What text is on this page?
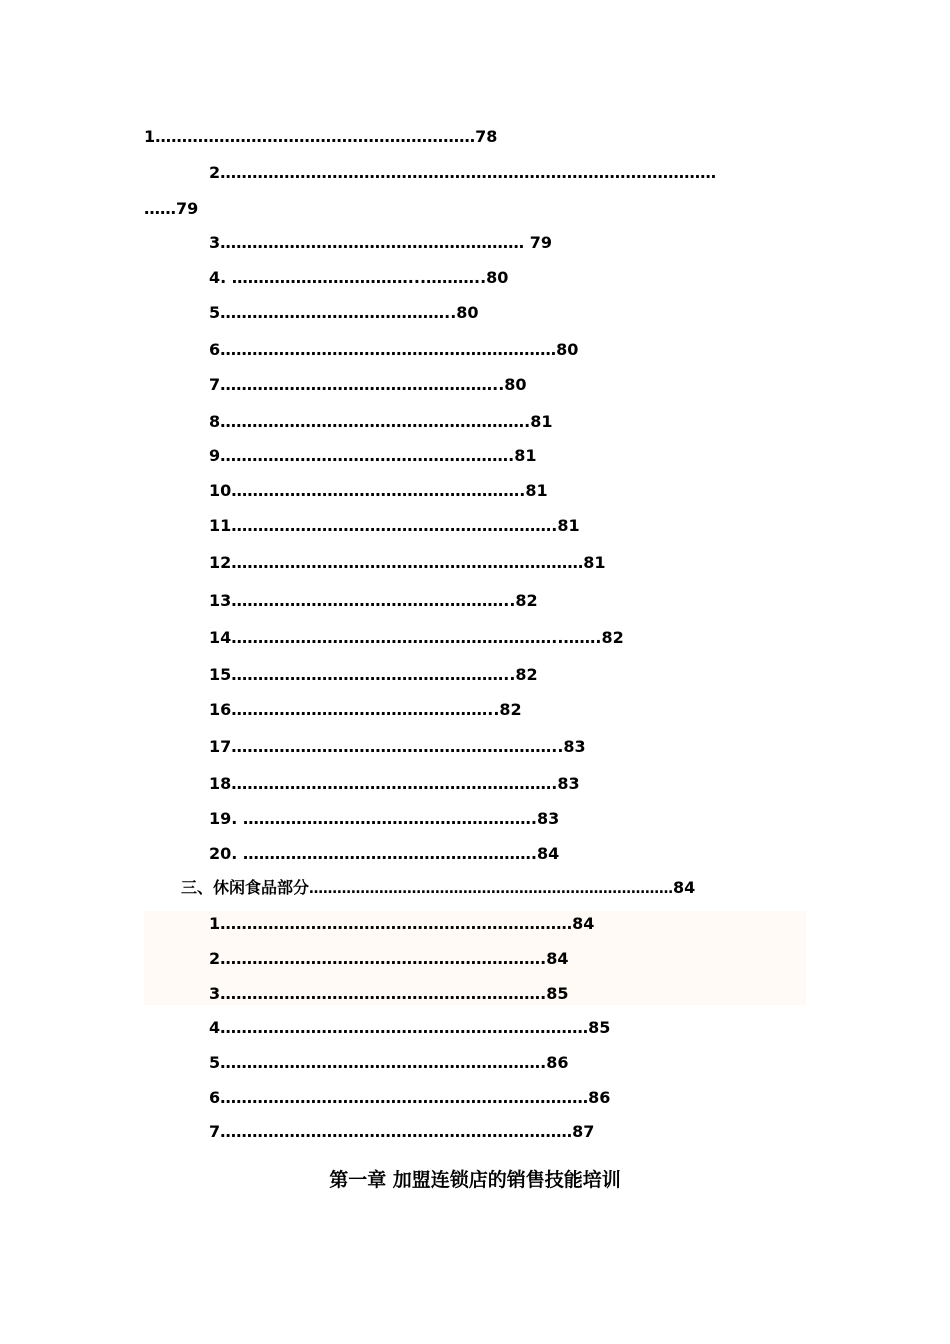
1……………………………………………………78
2…………………………………………………………………………………
……79
3………………………………………………… 79
4. ……………………………...………..80
5……………………………………..80
6………………………………………………………80
7……………………………………………..80
8………………………………………………….81
9……………………………………………….81
10……………………………………………….81
11…………………………………………………….81
12…………………………………………………………81
13……………………………………………..82
14……………………………………………………..…….82
15……………………………………………..82
16…………………………………………..82
17……………………………………………………..83
18…………………………………………………….83
19. ……………………………………………….83
20. ……………………………………………….84
三、休闲食品部分……………………………………………………………………84
1…………………………………………………………84
2…………………………………………………….84
3…………………………………………………….85
4……………………………………………………………85
5…………………………………………………….86
6……………………………………………………………86
7…………………………………………………………87
第一章 加盟连锁店的销售技能培训
